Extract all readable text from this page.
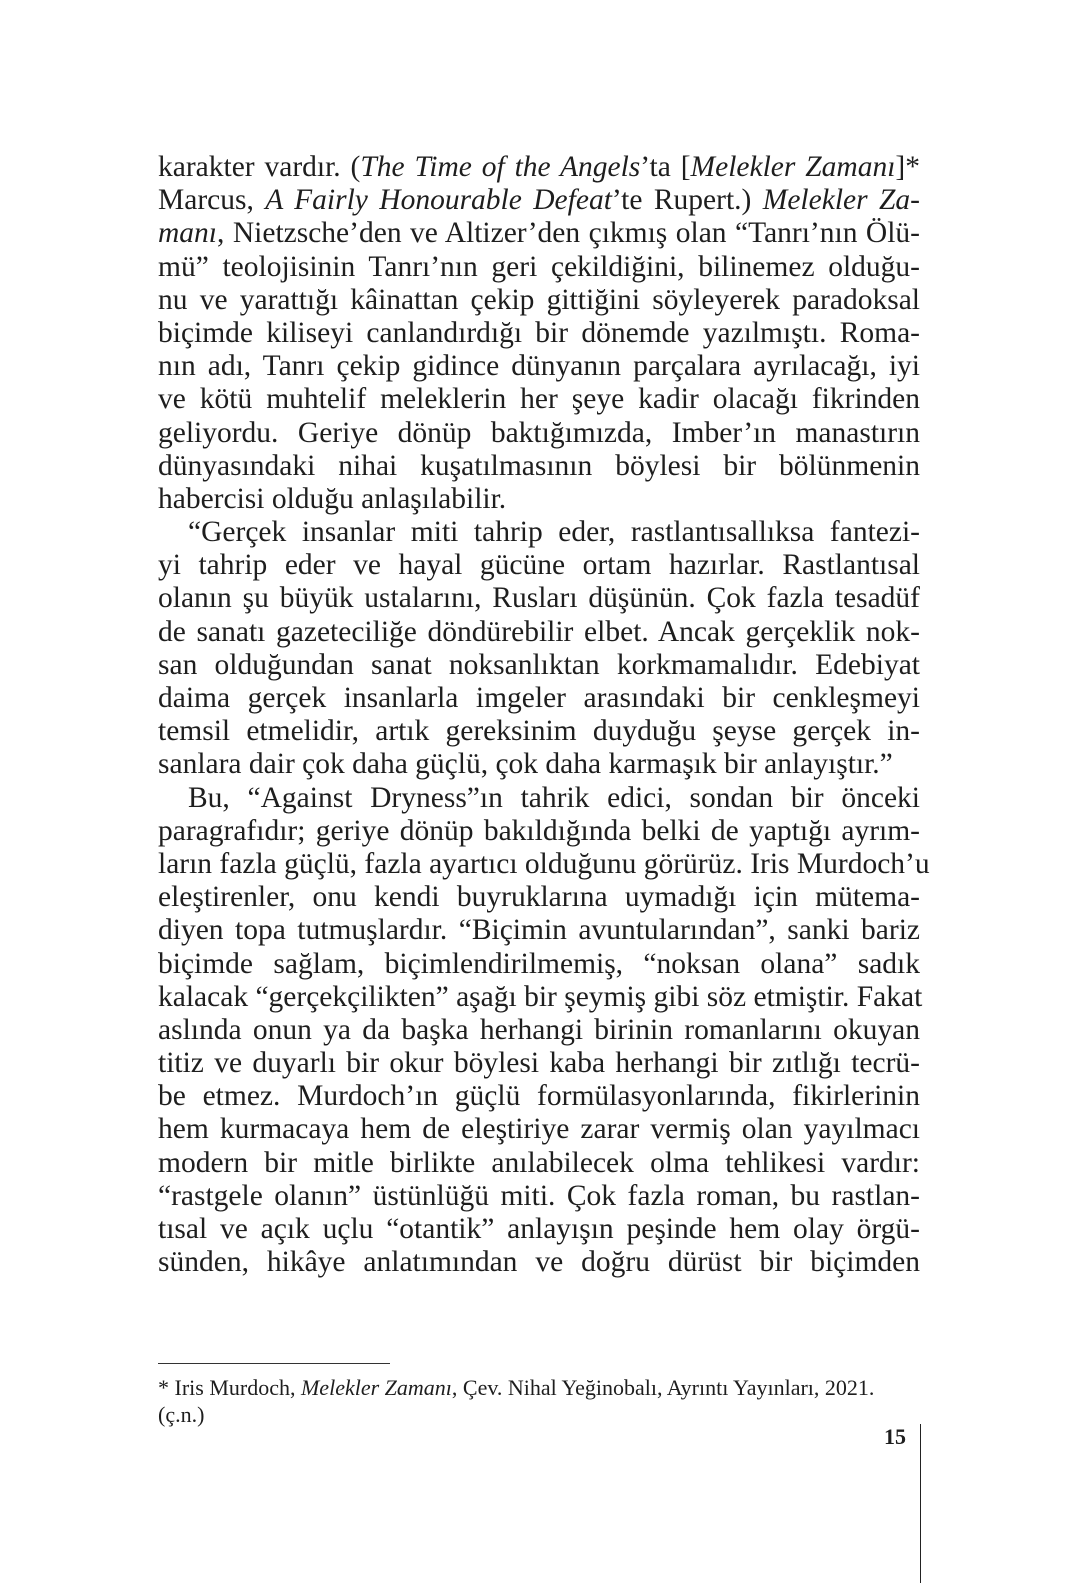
karakter vardır. (The Time of the Angels’ta [Melekler Zamanı]*
Marcus, A Fairly Honourable Defeat’te Rupert.) Melekler Za-
manı, Nietzsche’den ve Altizer’den çıkmış olan “Tanrı’nın Ölü-
mü” teolojisinin Tanrı’nın geri çekildiğini, bilinemez olduğu-
nu ve yarattığı kâinattan çekip gittiğini söyleyerek paradoksal
biçimde kiliseyi canlandırdığı bir dönemde yazılmıştı. Roma-
nın adı, Tanrı çekip gidince dünyanın parçalara ayrılacağı, iyi
ve kötü muhtelif meleklerin her şeye kadir olacağı fikrinden
geliyordu. Geriye dönüp baktığımızda, Imber’ın manastırın
dünyasındaki nihai kuşatılmasının böylesi bir bölünmenin
habercisi olduğu anlaşılabilir.
“Gerçek insanlar miti tahrip eder, rastlantısallıksa fantezi-
yi tahrip eder ve hayal gücüne ortam hazırlar. Rastlantısal
olanın şu büyük ustalarını, Rusları düşünün. Çok fazla tesadüf
de sanatı gazeteciliğe döndürebilir elbet. Ancak gerçeklik nok-
san olduğundan sanat noksanlıktan korkmamalıdır. Edebiyat
daima gerçek insanlarla imgeler arasındaki bir cenkleşmeyi
temsil etmelidir, artık gereksinim duyduğu şeyse gerçek in-
sanlara dair çok daha güçlü, çok daha karmaşık bir anlayıştır.”
Bu, “Against Dryness”ın tahrik edici, sondan bir önceki
paragrafıdır; geriye dönüp bakıldığında belki de yaptığı ayrım-
ların fazla güçlü, fazla ayartıcı olduğunu görürüz. Iris Murdoch’u
eleştirenler, onu kendi buyruklarına uymadığı için mütema-
diyen topa tutmuşlardır. “Biçimin avuntularından”, sanki bariz
biçimde sağlam, biçimlendirilmemiş, “noksan olana” sadık
kalacak “gerçekçilikten” aşağı bir şeymiş gibi söz etmiştir. Fakat
aslında onun ya da başka herhangi birinin romanlarını okuyan
titiz ve duyarlı bir okur böylesi kaba herhangi bir zıtlığı tecrü-
be etmez. Murdoch’ın güçlü formülasyonlarında, fikirlerinin
hem kurmacaya hem de eleştiriye zarar vermiş olan yayılmacı
modern bir mitle birlikte anılabilecek olma tehlikesi vardır:
“rastgele olanın” üstünlüğü miti. Çok fazla roman, bu rastlan-
tısal ve açık uçlu “otantik” anlayışın peşinde hem olay örgü-
sünden, hikâye anlatımından ve doğru dürüst bir biçimden
* Iris Murdoch, Melekler Zamanı, Çev. Nihal Yeğinobalı, Ayrıntı Yayınları, 2021.
(ç.n.)
15
